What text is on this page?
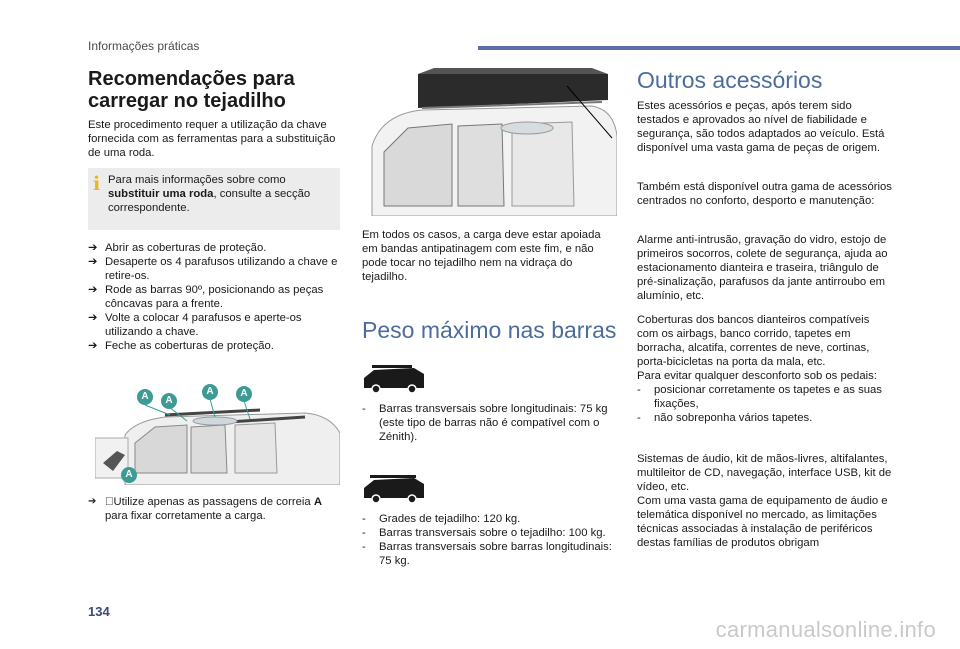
Informações práticas
Recomendações para
carregar no tejadilho
Este procedimento requer a utilização da chave fornecida com as ferramentas para a substituição de uma roda.
i Para mais informações sobre como substituir uma roda, consulte a secção correspondente.
➔ Abrir as coberturas de proteção.
➔ Desaperte os 4 parafusos utilizando a chave e retire-os.
➔ Rode as barras 90º, posicionando as peças côncavas para a frente.
➔ Volte a colocar 4 parafusos e aperte-os utilizando a chave.
➔ Feche as coberturas de proteção.
A	A
A	A
A
➔ Utilize apenas as passagens de correia A para fixar corretamente a carga.
Em todos os casos, a carga deve estar apoiada em bandas antipatinagem com este fim, e não pode tocar no tejadilho nem na vidraça do tejadilho.
Peso máximo nas barras
- Barras transversais sobre longitudinais: 75 kg (este tipo de barras não é compatível com o Zénith).
- Grades de tejadilho: 120 kg.
- Barras transversais sobre o tejadilho: 100 kg.
- Barras transversais sobre barras longitudinais: 75 kg.
Outros acessórios
Estes acessórios e peças, após terem sido testados e aprovados ao nível de fiabilidade e segurança, são todos adaptados ao veículo. Está disponível uma vasta gama de peças de origem.
Também está disponível outra gama de acessórios centrados no conforto, desporto e manutenção:
Alarme anti-intrusão, gravação do vidro, estojo de primeiros socorros, colete de segurança, ajuda ao estacionamento dianteira e traseira, triângulo de pré-sinalização, parafusos da jante antirroubo em alumínio, etc.
Coberturas dos bancos dianteiros compatíveis com os airbags, banco corrido, tapetes em borracha, alcatifa, correntes de neve, cortinas, porta-bicicletas na porta da mala, etc.
Para evitar qualquer desconforto sob os pedais:
- posicionar corretamente os tapetes e as suas fixações,
- não sobreponha vários tapetes.
Sistemas de áudio, kit de mãos-livres, altifalantes, multileitor de CD, navegação, interface USB, kit de vídeo, etc.
Com uma vasta gama de equipamento de áudio e telemática disponível no mercado, as limitações técnicas associadas à instalação de periféricos destas famílias de produtos obrigam
134
carmanualsonline.info
